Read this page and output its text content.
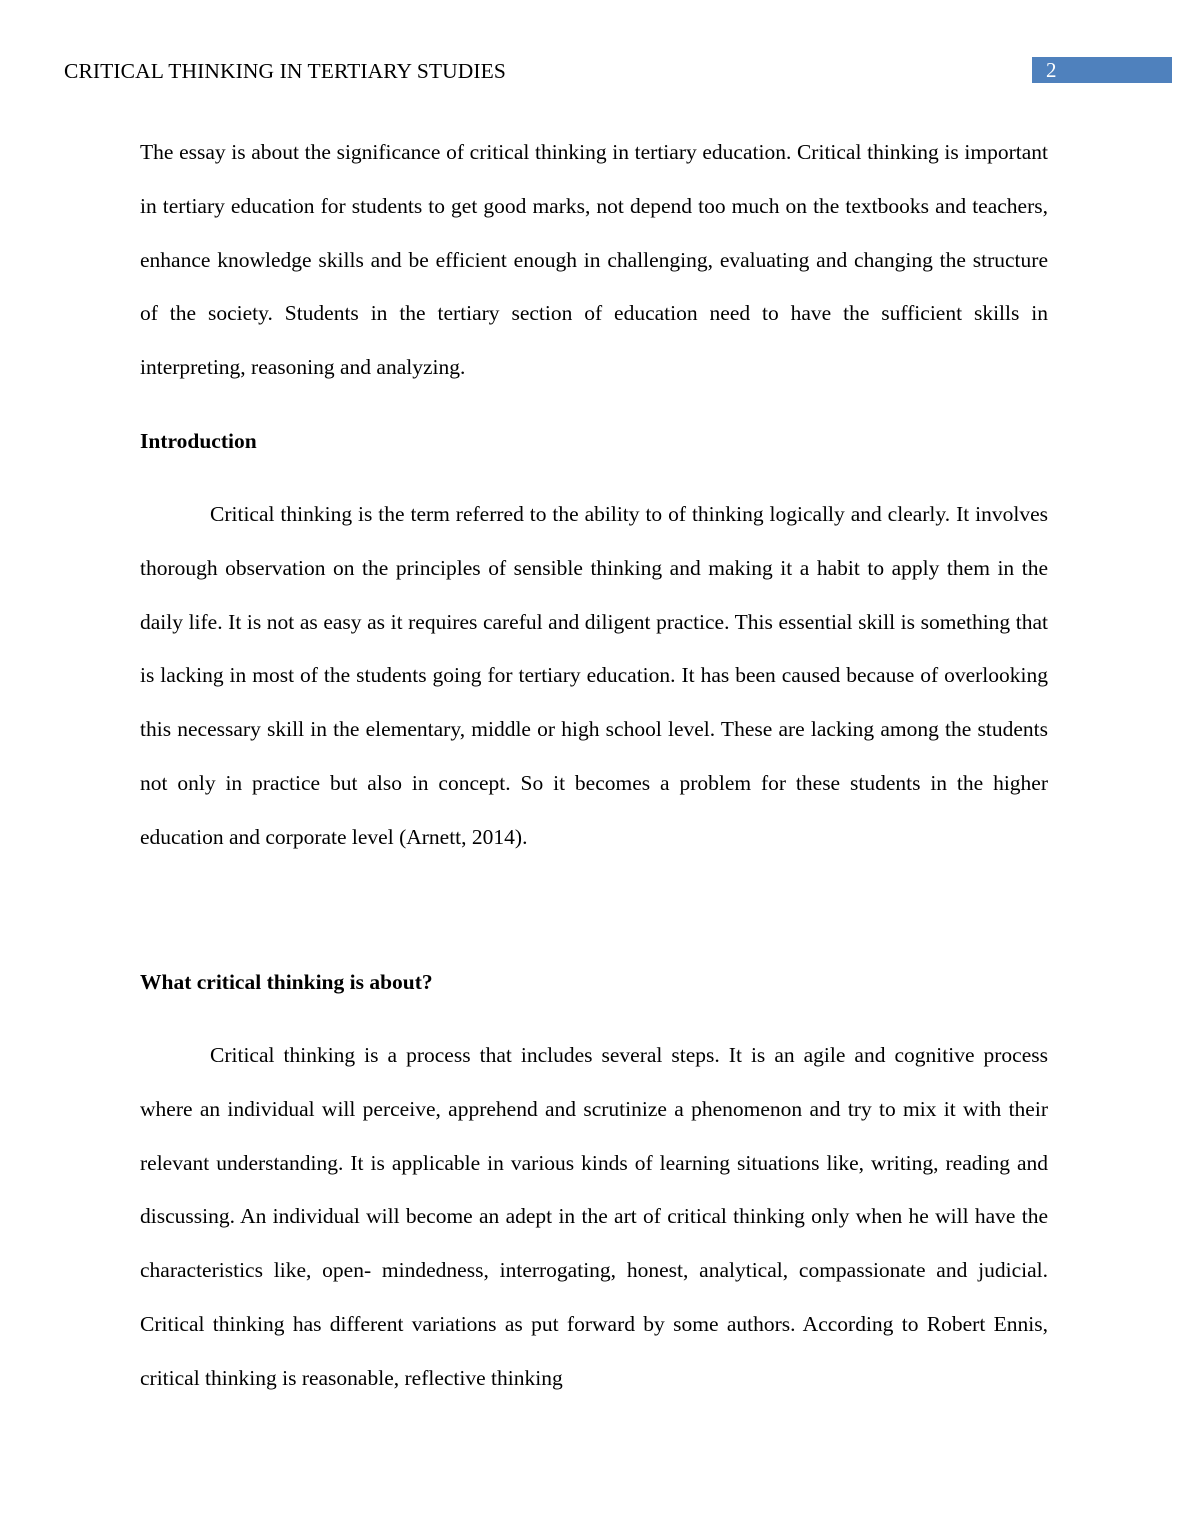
CRITICAL THINKING IN TERTIARY STUDIES	2

The essay is about the significance of critical thinking in tertiary education. Critical thinking is important in tertiary education for students to get good marks, not depend too much on the textbooks and teachers, enhance knowledge skills and be efficient enough in challenging, evaluating and changing the structure of the society. Students in the tertiary section of education need to have the sufficient skills in interpreting, reasoning and analyzing.

Introduction

Critical thinking is the term referred to the ability to of thinking logically and clearly. It involves thorough observation on the principles of sensible thinking and making it a habit to apply them in the daily life. It is not as easy as it requires careful and diligent practice. This essential skill is something that is lacking in most of the students going for tertiary education. It has been caused because of overlooking this necessary skill in the elementary, middle or high school level. These are lacking among the students not only in practice but also in concept. So it becomes a problem for these students in the higher education and corporate level (Arnett, 2014).

What critical thinking is about?

Critical thinking is a process that includes several steps. It is an agile and cognitive process where an individual will perceive, apprehend and scrutinize a phenomenon and try to mix it with their relevant understanding. It is applicable in various kinds of learning situations like, writing, reading and discussing. An individual will become an adept in the art of critical thinking only when he will have the characteristics like, open- mindedness, interrogating, honest, analytical, compassionate and judicial. Critical thinking has different variations as put forward by some authors. According to Robert Ennis, critical thinking is reasonable, reflective thinking
